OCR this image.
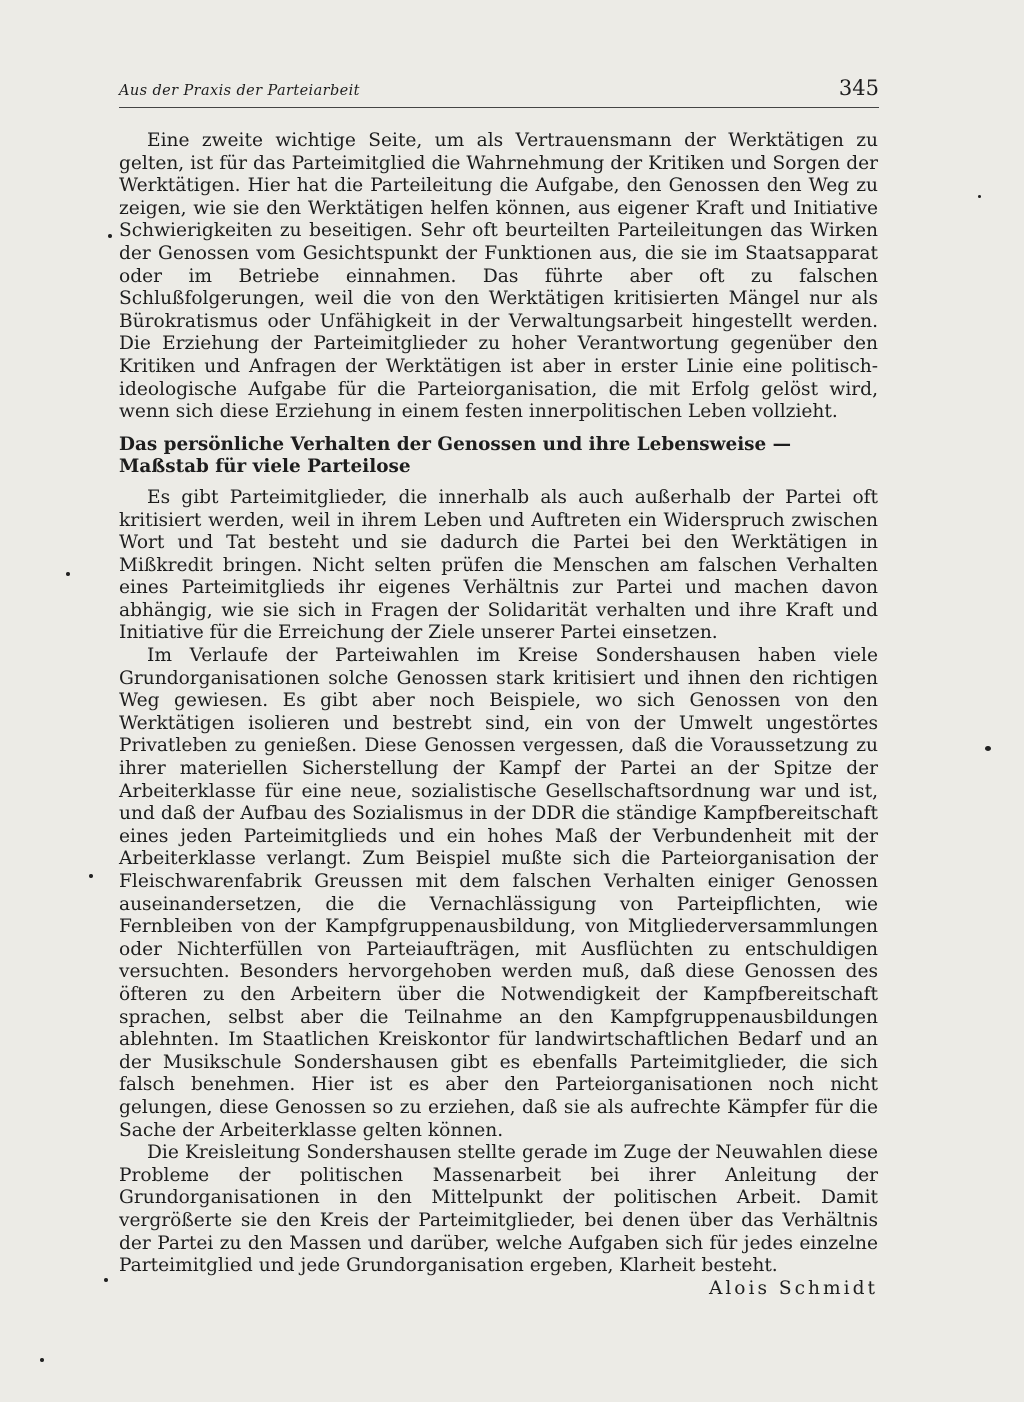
Aus der Praxis der Parteiarbeit	345

Eine zweite wichtige Seite, um als Vertrauensmann der Werktätigen zu gelten, ist für das Parteimitglied die Wahrnehmung der Kritiken und Sorgen der Werktätigen. Hier hat die Parteileitung die Aufgabe, den Genossen den Weg zu zeigen, wie sie den Werktätigen helfen können, aus eigener Kraft und Initiative Schwierigkeiten zu beseitigen. Sehr oft beurteilten Parteileitungen das Wirken der Genossen vom Gesichtspunkt der Funktionen aus, die sie im Staatsapparat oder im Betriebe einnahmen. Das führte aber oft zu falschen Schlußfolgerungen, weil die von den Werktätigen kritisierten Mängel nur als Bürokratismus oder Unfähigkeit in der Verwaltungsarbeit hingestellt werden. Die Erziehung der Parteimitglieder zu hoher Verantwortung gegenüber den Kritiken und Anfragen der Werktätigen ist aber in erster Linie eine politisch-ideologische Aufgabe für die Parteiorganisation, die mit Erfolg gelöst wird, wenn sich diese Erziehung in einem festen innerpolitischen Leben vollzieht.

Das persönliche Verhalten der Genossen und ihre Lebensweise — Maßstab für viele Parteilose

Es gibt Parteimitglieder, die innerhalb als auch außerhalb der Partei oft kritisiert werden, weil in ihrem Leben und Auftreten ein Widerspruch zwischen Wort und Tat besteht und sie dadurch die Partei bei den Werktätigen in Mißkredit bringen. Nicht selten prüfen die Menschen am falschen Verhalten eines Parteimitglieds ihr eigenes Verhältnis zur Partei und machen davon abhängig, wie sie sich in Fragen der Solidarität verhalten und ihre Kraft und Initiative für die Erreichung der Ziele unserer Partei einsetzen.

Im Verlaufe der Parteiwahlen im Kreise Sondershausen haben viele Grundorganisationen solche Genossen stark kritisiert und ihnen den richtigen Weg gewiesen. Es gibt aber noch Beispiele, wo sich Genossen von den Werktätigen isolieren und bestrebt sind, ein von der Umwelt ungestörtes Privatleben zu genießen. Diese Genossen vergessen, daß die Voraussetzung zu ihrer materiellen Sicherstellung der Kampf der Partei an der Spitze der Arbeiterklasse für eine neue, sozialistische Gesellschaftsordnung war und ist, und daß der Aufbau des Sozialismus in der DDR die ständige Kampfbereitschaft eines jeden Parteimitglieds und ein hohes Maß der Verbundenheit mit der Arbeiterklasse verlangt. Zum Beispiel mußte sich die Parteiorganisation der Fleischwarenfabrik Greussen mit dem falschen Verhalten einiger Genossen auseinandersetzen, die die Vernachlässigung von Parteipflichten, wie Fernbleiben von der Kampfgruppenausbildung, von Mitgliederversammlungen oder Nichterfüllen von Parteiaufträgen, mit Ausflüchten zu entschuldigen versuchten. Besonders hervorgehoben werden muß, daß diese Genossen des öfteren zu den Arbeitern über die Notwendigkeit der Kampfbereitschaft sprachen, selbst aber die Teilnahme an den Kampfgruppenausbildungen ablehnten. Im Staatlichen Kreiskontor für landwirtschaftlichen Bedarf und an der Musikschule Sondershausen gibt es ebenfalls Parteimitglieder, die sich falsch benehmen. Hier ist es aber den Parteiorganisationen noch nicht gelungen, diese Genossen so zu erziehen, daß sie als aufrechte Kämpfer für die Sache der Arbeiterklasse gelten können.

Die Kreisleitung Sondershausen stellte gerade im Zuge der Neuwahlen diese Probleme der politischen Massenarbeit bei ihrer Anleitung der Grundorganisationen in den Mittelpunkt der politischen Arbeit. Damit vergrößerte sie den Kreis der Parteimitglieder, bei denen über das Verhältnis der Partei zu den Massen und darüber, welche Aufgaben sich für jedes einzelne Parteimitglied und jede Grundorganisation ergeben, Klarheit besteht.
Alois Schmidt
